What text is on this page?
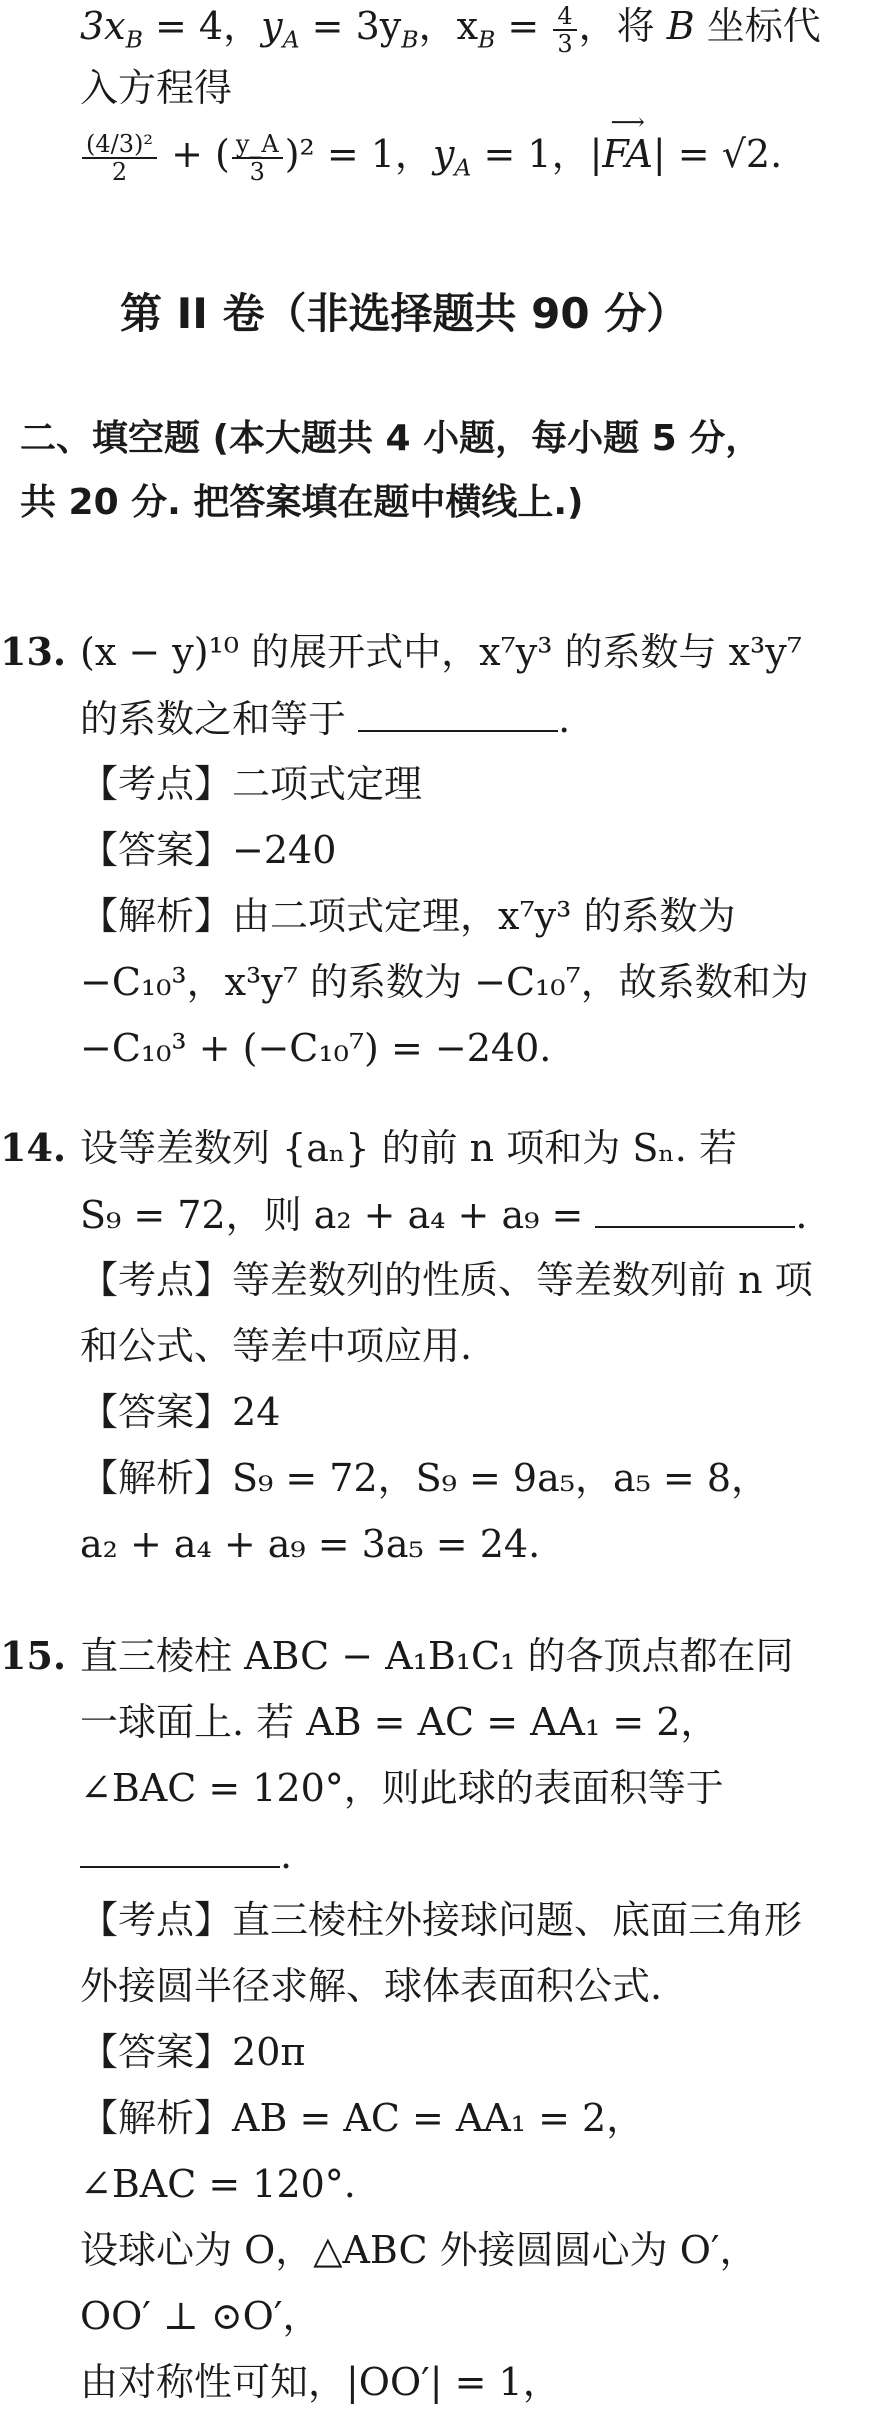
$3x_B = 4$，$y_A = 3y_B$，$x_B = \frac{4}{3}$ ，将 B 坐标代
入方程得
$\frac{\text{(4/3)²}}{2}$ + ( $\frac{y\_A}{3} )^2 = 1$，$y_A = 1$，|
⟶
FA| = √2.
第 II 卷（非选择题共 90 分）
二、填空题 (本大题共 4 小题，每小题 5 分，
共 20 分. 把答案填在题中横线上.)
13. (x − y)¹⁰ 的展开式中，x⁷y³ 的系数与 x³y⁷
的系数之和等于	.
【考点】二项式定理
【答案】−240
【解析】由二项式定理，x⁷y³ 的系数为
−C₁₀³，x³y⁷ 的系数为 −C₁₀⁷，故系数和为
−C₁₀³ + (−C₁₀⁷) = −240.
14. 设等差数列 {aₙ} 的前 n 项和为 Sₙ. 若
S₉ = 72，则 a₂ + a₄ + a₉ =	.
【考点】等差数列的性质、等差数列前 n 项
和公式、等差中项应用.
【答案】24
【解析】S₉ = 72，S₉ = 9a₅，a₅ = 8，
a₂ + a₄ + a₉ = 3a₅ = 24.
15. 直三棱柱 ABC − A₁B₁C₁ 的各顶点都在同
一球面上. 若 AB = AC = AA₁ = 2，
∠BAC = 120°，则此球的表面积等于
.
【考点】直三棱柱外接球问题、底面三角形
外接圆半径求解、球体表面积公式.
【答案】20π
【解析】AB = AC = AA₁ = 2，
∠BAC = 120°.
设球心为 O，△ABC 外接圆圆心为 O′，
OO′ ⊥ ⊙O′，
由对称性可知，|OO′| = 1，
